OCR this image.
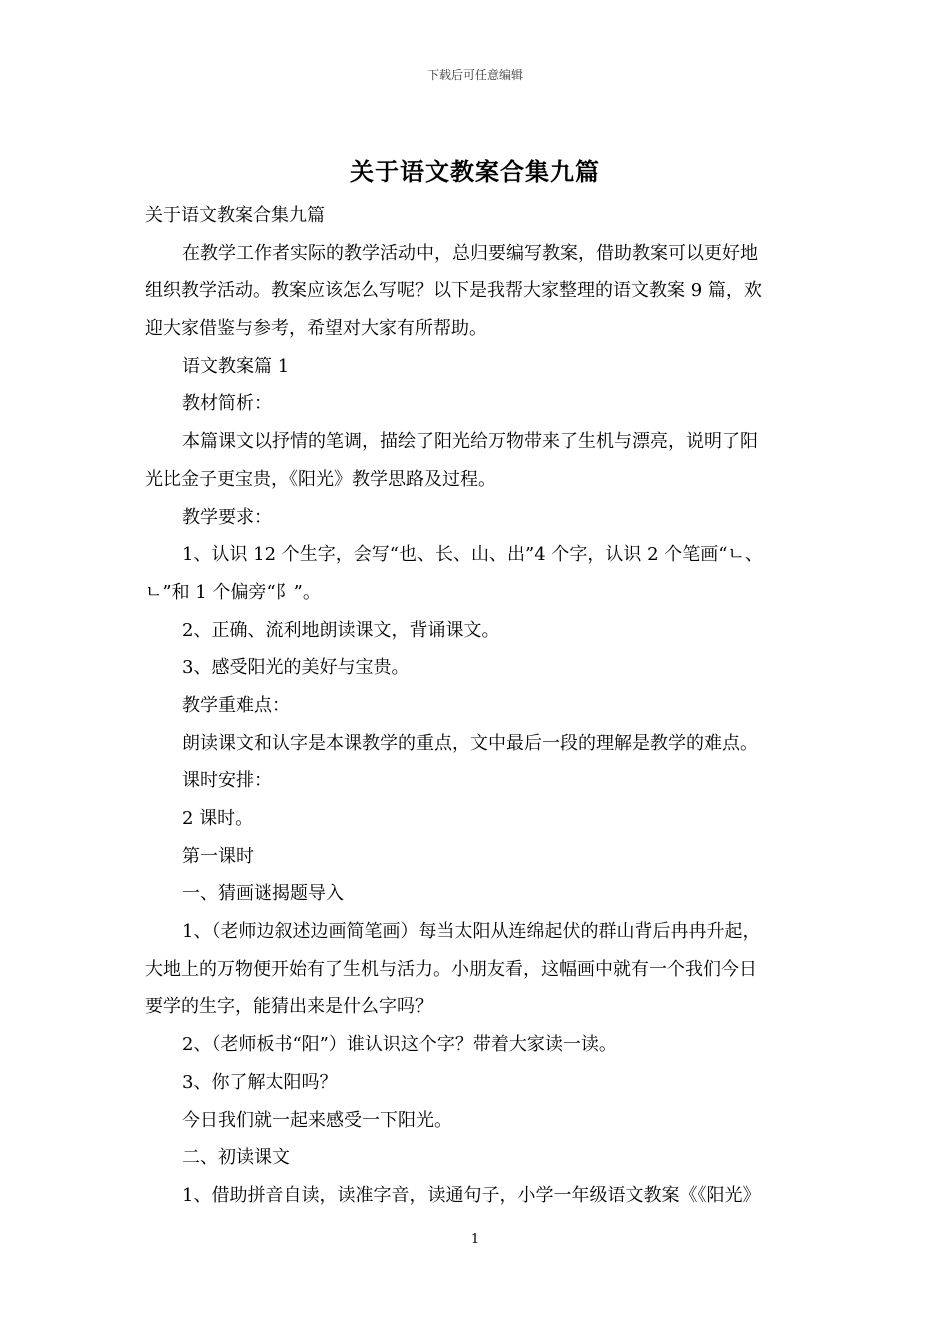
下载后可任意编辑
关于语文教案合集九篇
关于语文教案合集九篇
在教学工作者实际的教学活动中，总归要编写教案，借助教案可以更好地
组织教学活动。教案应该怎么写呢？以下是我帮大家整理的语文教案 9 篇，欢
迎大家借鉴与参考，希望对大家有所帮助。
语文教案篇 1
教材简析：
本篇课文以抒情的笔调，描绘了阳光给万物带来了生机与漂亮，说明了阳
光比金子更宝贵，《阳光》教学思路及过程。
教学要求：
1、认识 12 个生字，会写“也、长、山、出”4 个字，认识 2 个笔画“ㄴ、
ㄴ”和 1 个偏旁“阝”。
2、正确、流利地朗读课文，背诵课文。
3、感受阳光的美好与宝贵。
教学重难点：
朗读课文和认字是本课教学的重点，文中最后一段的理解是教学的难点。
课时安排：
2 课时。
第一课时
一、猜画谜揭题导入
1、（老师边叙述边画简笔画）每当太阳从连绵起伏的群山背后冉冉升起，
大地上的万物便开始有了生机与活力。小朋友看，这幅画中就有一个我们今日
要学的生字，能猜出来是什么字吗？
2、（老师板书“阳”）谁认识这个字？带着大家读一读。
3、你了解太阳吗？
今日我们就一起来感受一下阳光。
二、初读课文
1、借助拼音自读，读准字音，读通句子，小学一年级语文教案《《阳光》
1
